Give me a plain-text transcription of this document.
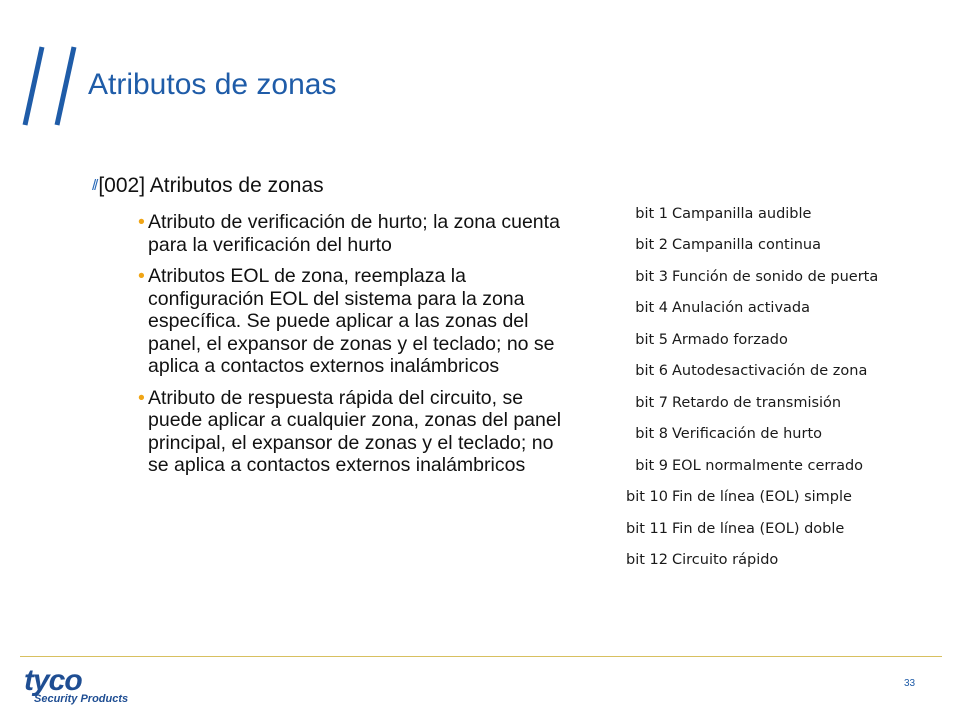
Atributos de zonas
//[002] Atributos de zonas
• Atributo de verificación de hurto; la zona cuenta para la verificación del hurto
• Atributos EOL de zona, reemplaza la configuración EOL del sistema para la zona específica. Se puede aplicar a las zonas del panel, el expansor de zonas y el teclado; no se aplica a contactos externos inalámbricos
• Atributo de respuesta rápida del circuito, se puede aplicar a cualquier zona, zonas del panel principal, el expansor de zonas y el teclado; no se aplica a contactos externos inalámbricos
bit 1 Campanilla audible
bit 2 Campanilla continua
bit 3 Función de sonido de puerta
bit 4 Anulación activada
bit 5 Armado forzado
bit 6 Autodesactivación de zona
bit 7 Retardo de transmisión
bit 8 Verificación de hurto
bit 9 EOL normalmente cerrado
bit 10 Fin de línea (EOL) simple
bit 11 Fin de línea (EOL) doble
bit 12 Circuito rápido
tyco
Security Products
33
